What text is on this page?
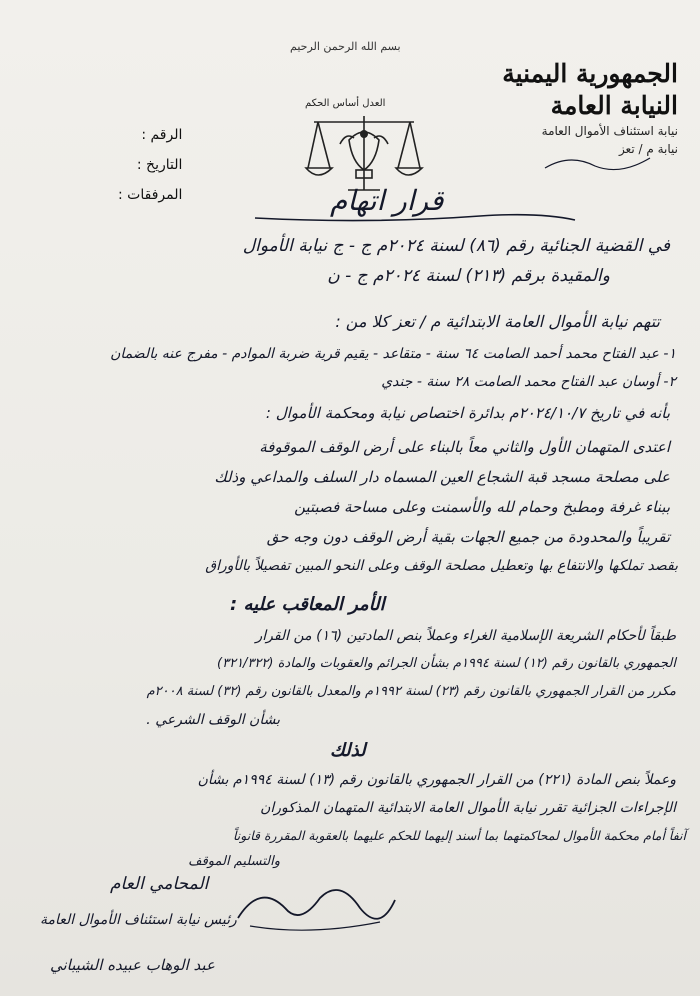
الجمهورية اليمنية
النيابة العامة
نيابة استئناف الأموال العامة
نيابة م / تعز
بسم الله الرحمن الرحيم
العدل أساس الحكم
الرقم :
التاريخ :
المرفقات :	قرار اتهام
في القضية الجنائية رقم (٨٦) لسنة ٢٠٢٤م ج - ج نيابة الأموال
والمقيدة برقم (٢١٣) لسنة ٢٠٢٤م ج - ن
تتهم نيابة الأموال العامة الابتدائية م / تعز كلا من :
١- عبد الفتاح محمد أحمد الصامت ٦٤ سنة - متقاعد - يقيم قرية ضربة الموادم - مفرج عنه بالضمان
٢- أوسان عبد الفتاح محمد الصامت ٢٨ سنة - جندي
بأنه في تاريخ ٢٠٢٤/١٠/٧م بدائرة اختصاص نيابة ومحكمة الأموال :
اعتدى المتهمان الأول والثاني معاً بالبناء على أرض الوقف الموقوفة
على مصلحة مسجد قبة الشجاع العين المسماه دار السلف والمداعي وذلك
ببناء غرفة ومطبخ وحمام لله والأسمنت وعلى مساحة فصبتين
تقريباً والمحدودة من جميع الجهات بقية أرض الوقف دون وجه حق
بقصد تملكها والانتفاع بها وتعطيل مصلحة الوقف وعلى النحو المبين تفصيلاً بالأوراق
الأمر المعاقب عليه :
طبقاً لأحكام الشريعة الإسلامية الغراء وعملاً بنص المادتين (١٦) من القرار
الجمهوري بالقانون رقم (١٢) لسنة ١٩٩٤م بشأن الجرائم والعقوبات والمادة (٣٢١/٣٢٢)
مكرر من القرار الجمهوري بالقانون رقم (٢٣) لسنة ١٩٩٢م والمعدل بالقانون رقم (٣٢) لسنة ٢٠٠٨م
بشأن الوقف الشرعي .
لذلك
وعملاً بنص المادة (٢٢١) من القرار الجمهوري بالقانون رقم (١٣) لسنة ١٩٩٤م بشأن
الإجراءات الجزائية تقرر نيابة الأموال العامة الابتدائية المتهمان المذكوران
آنفاً أمام محكمة الأموال لمحاكمتهما بما أسند إليهما للحكم عليهما بالعقوبة المقررة قانوناً
والتسليم الموقف
المحامي العام
رئيس نيابة استئناف الأموال العامة
عبد الوهاب عبيده الشيباني
